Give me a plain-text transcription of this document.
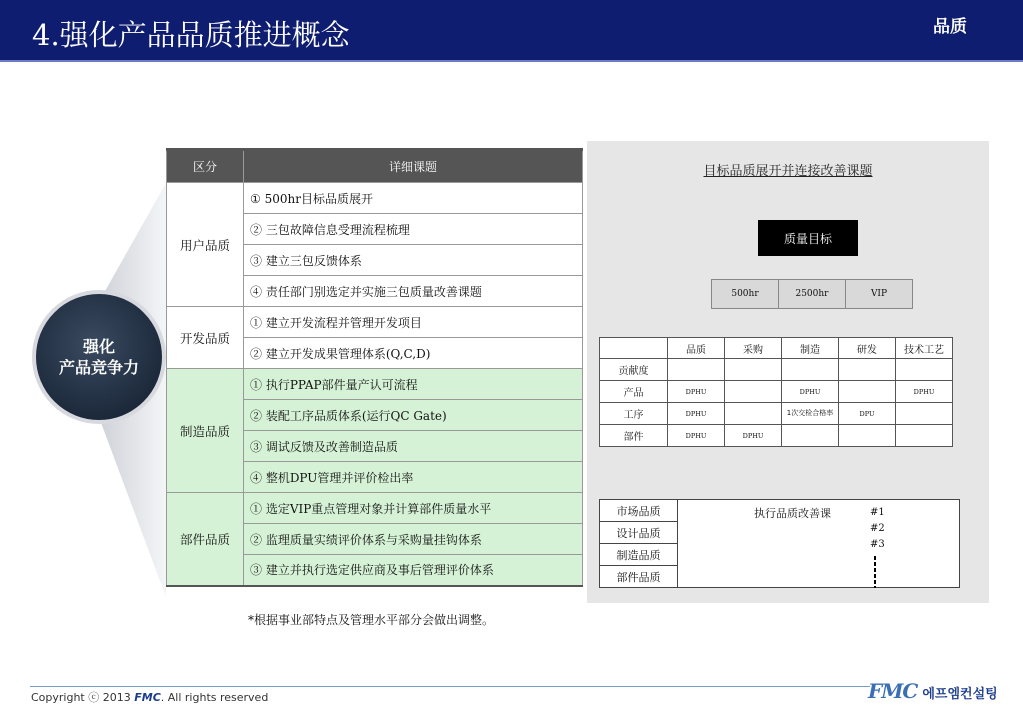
4.强化产品品质推进概念	品质
强化
产品竞争力
区分	详细课题
用户品质	① 500hr目标品质展开
	② 三包故障信息受理流程梳理
	③ 建立三包反馈体系
	④ 责任部门别选定并实施三包质量改善课题
开发品质	① 建立开发流程并管理开发项目
	② 建立开发成果管理体系(Q,C,D)
制造品质	① 执行PPAP部件量产认可流程
	② 装配工序品质体系(运行QC Gate)
	③ 调试反馈及改善制造品质
	④ 整机DPU管理并评价检出率
部件品质	① 选定VIP重点管理对象并计算部件质量水平
	② 监理质量实绩评价体系与采购量挂钩体系
	③ 建立并执行选定供应商及事后管理评价体系
*根据事业部特点及管理水平部分会做出调整。
目标品质展开并连接改善课题
质量目标
500hr	2500hr	VIP
	品质	采购	制造	研发	技术工艺
贡献度					
产品	DPHU		DPHU		DPHU
工序	DPHU		1次交检合格率	DPU	
部件	DPHU	DPHU			
市场品质	执行品质改善课	#1
#2
#3

设计品质
制造品质
部件品质
Copyright ⓒ 2013 FMC. All rights reserved	FMC 에프엠컨설팅
